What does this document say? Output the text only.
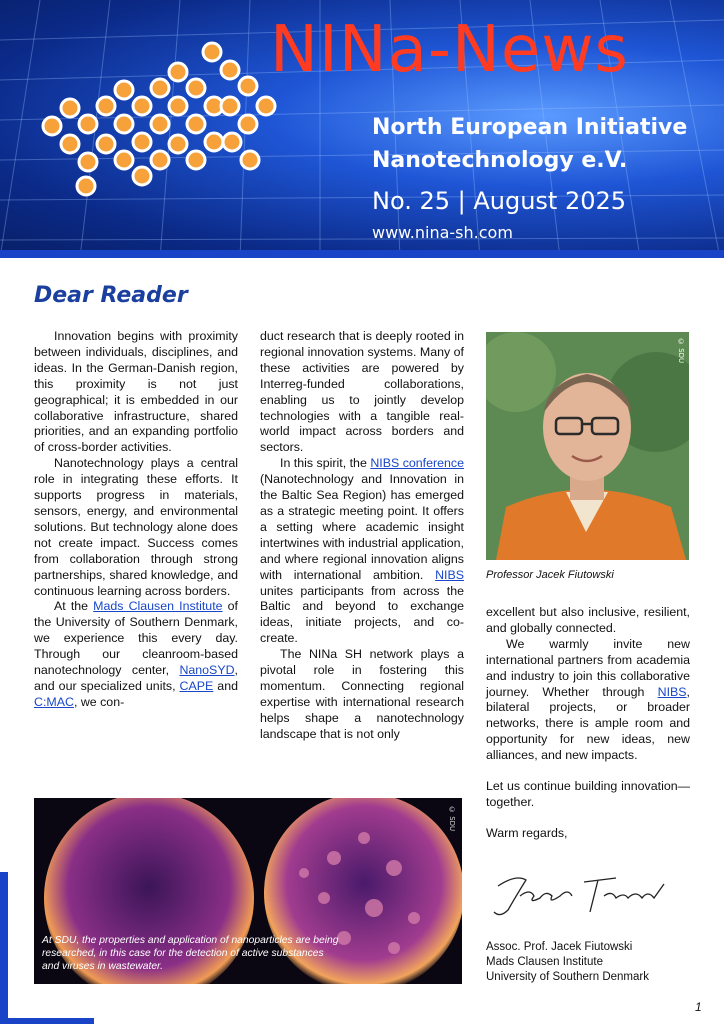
NINa-News
North European Initiative
Nanotechnology e.V.
No. 25 | August 2025
www.nina-sh.com
Dear Reader

Innovation begins with proximity between individuals, disciplines, and ideas. In the German-Danish region, this proximity is not just geographical; it is embedded in our collaborative infrastructure, shared priorities, and an expanding portfolio of cross-border activities.

Nanotechnology plays a central role in integrating these efforts. It supports progress in materials, sensors, energy, and environmental solutions. But technology alone does not create impact. Success comes from collaboration through strong partnerships, shared knowledge, and continuous learning across borders.

At the Mads Clausen Institute of the University of Southern Denmark, we experience this every day. Through our cleanroom-based nanotechnology center, NanoSYD, and our specialized units, CAPE and C:MAC, we con-

duct research that is deeply rooted in regional innovation systems. Many of these activities are powered by Interreg-funded collaborations, enabling us to jointly develop technologies with a tangible real-world impact across borders and sectors.

In this spirit, the NIBS conference (Nanotechnology and Innovation in the Baltic Sea Region) has emerged as a strategic meeting point. It offers a setting where academic insight intertwines with industrial application, and where regional innovation aligns with international ambition. NIBS unites participants from across the Baltic and beyond to exchange ideas, initiate projects, and co-create.

The NINa SH network plays a pivotal role in fostering this momentum. Connecting regional expertise with international research helps shape a nanotechnology landscape that is not only

© SDU
Professor Jacek Fiutowski

excellent but also inclusive, resilient, and globally connected.

We warmly invite new international partners from academia and industry to join this collaborative journey. Whether through NIBS, bilateral projects, or broader networks, there is ample room and opportunity for new ideas, new alliances, and new impacts.

Let us continue building innovation—together.

Warm regards,

Assoc. Prof. Jacek Fiutowski
Mads Clausen Institute
University of Southern Denmark
© SDU
At SDU, the properties and application of nanoparticles are being researched, in this case for the detection of active substances and viruses in wastewater.
1
